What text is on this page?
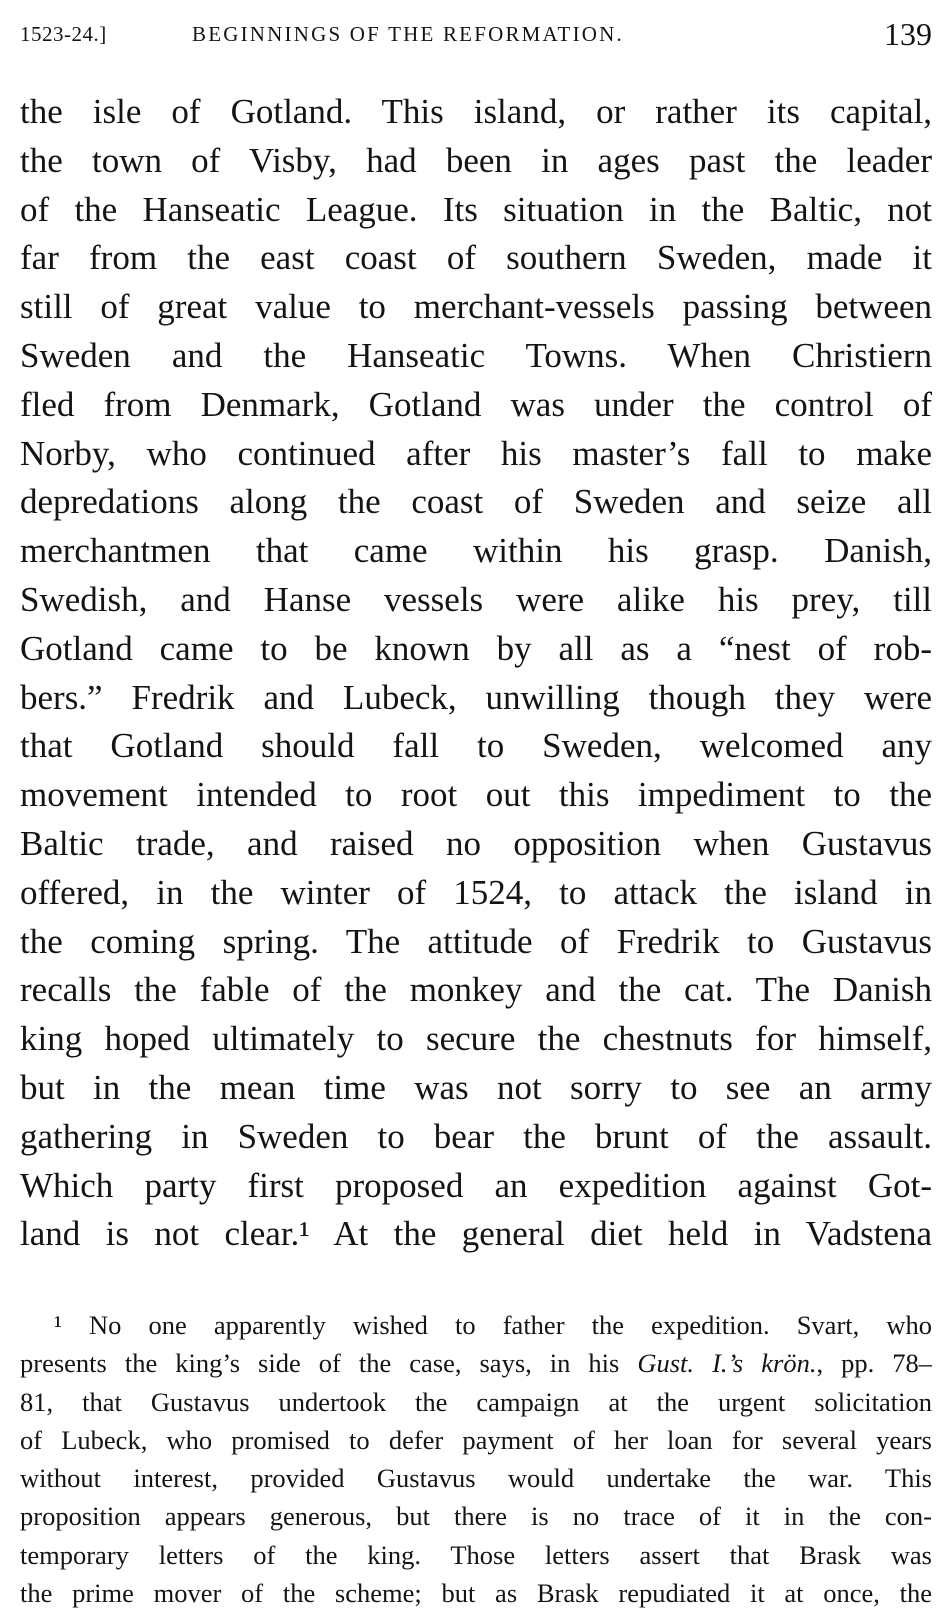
1523-24.]	BEGINNINGS OF THE REFORMATION.	139
the isle of Gotland. This island, or rather its capital,
the town of Visby, had been in ages past the leader
of the Hanseatic League. Its situation in the Baltic, not
far from the east coast of southern Sweden, made it
still of great value to merchant-vessels passing between
Sweden and the Hanseatic Towns. When Christiern
fled from Denmark, Gotland was under the control of
Norby, who continued after his master’s fall to make
depredations along the coast of Sweden and seize all
merchantmen that came within his grasp. Danish,
Swedish, and Hanse vessels were alike his prey, till
Gotland came to be known by all as a “nest of rob-
bers.” Fredrik and Lubeck, unwilling though they were
that Gotland should fall to Sweden, welcomed any
movement intended to root out this impediment to the
Baltic trade, and raised no opposition when Gustavus
offered, in the winter of 1524, to attack the island in
the coming spring. The attitude of Fredrik to Gustavus
recalls the fable of the monkey and the cat. The Danish
king hoped ultimately to secure the chestnuts for himself,
but in the mean time was not sorry to see an army
gathering in Sweden to bear the brunt of the assault.
Which party first proposed an expedition against Got-
land is not clear.¹ At the general diet held in Vadstena
¹ No one apparently wished to father the expedition. Svart, who
presents the king’s side of the case, says, in his Gust. I.’s krön., pp. 78–
81, that Gustavus undertook the campaign at the urgent solicitation
of Lubeck, who promised to defer payment of her loan for several years
without interest, provided Gustavus would undertake the war. This
proposition appears generous, but there is no trace of it in the con-
temporary letters of the king. Those letters assert that Brask was
the prime mover of the scheme; but as Brask repudiated it at once, the
